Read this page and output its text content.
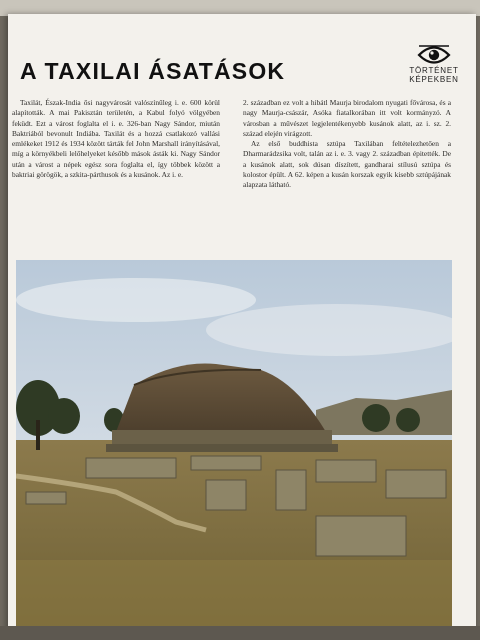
A TAXILAI ÁSATÁSOK	TÖRTÉNET
KÉPEKBEN

Taxilát, Észak-India ősi nagyvárosát valószínűleg i. e. 600 körül alapították. A mai Pakisztán területén, a Kabul folyó völgyében feküdt. Ezt a várost foglalta el i. e. 326-ban Nagy Sándor, miután Baktriából bevonult Indiába. Taxilát és a hozzá csatlakozó vallási emlékeket 1912 és 1934 között tárták fel John Marshall irányításával, míg a környékbeli lelőhelyeket később mások ásták ki. Nagy Sándor után a várost a népek egész sora foglalta el, így többek között a baktriai görögök, a szkita-párthusok és a kusánok. Az i. e.

2. században ez volt a hibátl Maurja birodalom nyugati fővárosa, és a nagy Maurja-császár, Asóka fiatalkorában itt volt kormányzó. A városban a művészet legjelentékenyebb kusánok alatt, az i. sz. 2. század elején virágzott.

Az első buddhista sztúpa Taxilában feltételezhetően a Dharmarádzsika volt, talán az i. e. 3. vagy 2. században épitették. De a kusánok alatt, sok dúsan díszített, gandharai stílusú sztúpa és kolostor épült. A 62. képen a kusán korszak egyik kisebb sztúpájának alapzata látható.
